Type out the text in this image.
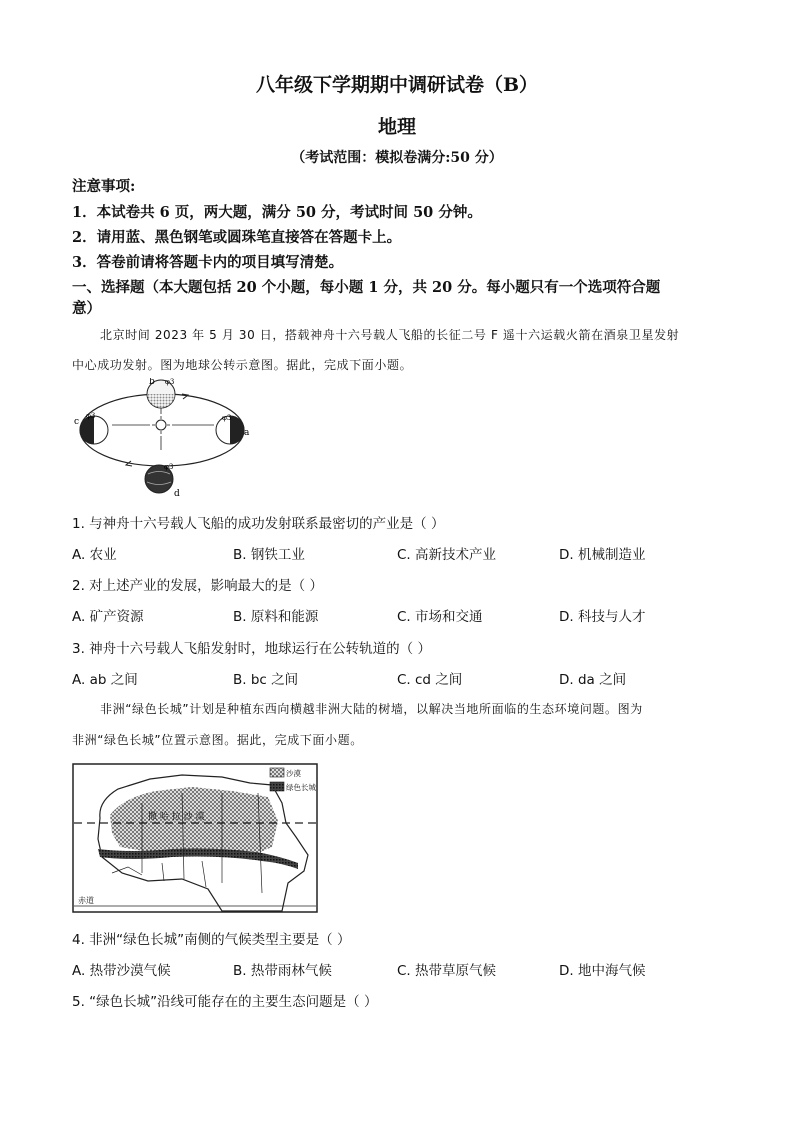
八年级下学期期中调研试卷（B）
地理
（考试范围：模拟卷满分:50 分）
注意事项:
1．本试卷共 6 页，两大题，满分 50 分，考试时间 50 分钟。
2．请用蓝、黑色钢笔或圆珠笔直接答在答题卡上。
3．答卷前请将答题卡内的项目填写清楚。
一、选择题（本大题包括 20 个小题，每小题 1 分，共 20 分。每小题只有一个选项符合题
意）
北京时间 2023 年 5 月 30 日，搭载神舟十六号载人飞船的长征二号 F 遥十六运载火箭在酒泉卫星发射
中心成功发射。图为地球公转示意图。据此，完成下面小题。
b φ3
c
φ3
a
φ3
d
φ3
1. 与神舟十六号载人飞船的成功发射联系最密切的产业是（ ）
A. 农业	B. 钢铁工业	C. 高新技术产业	D. 机械制造业
2. 对上述产业的发展，影响最大的是（ ）
A. 矿产资源	B. 原料和能源	C. 市场和交通	D. 科技与人才
3. 神舟十六号载人飞船发射时，地球运行在公转轨道的（ ）
A. ab 之间	B. bc 之间	C. cd 之间	D. da 之间
非洲“绿色长城”计划是种植东西向横越非洲大陆的树墙，以解决当地所面临的生态环境问题。图为
非洲“绿色长城”位置示意图。据此，完成下面小题。
沙漠
绿色长城
撒 哈 拉 沙 漠
赤道
4. 非洲“绿色长城”南侧的气候类型主要是（ ）
A. 热带沙漠气候	B. 热带雨林气候	C. 热带草原气候	D. 地中海气候
5. “绿色长城”沿线可能存在的主要生态问题是（ ）
